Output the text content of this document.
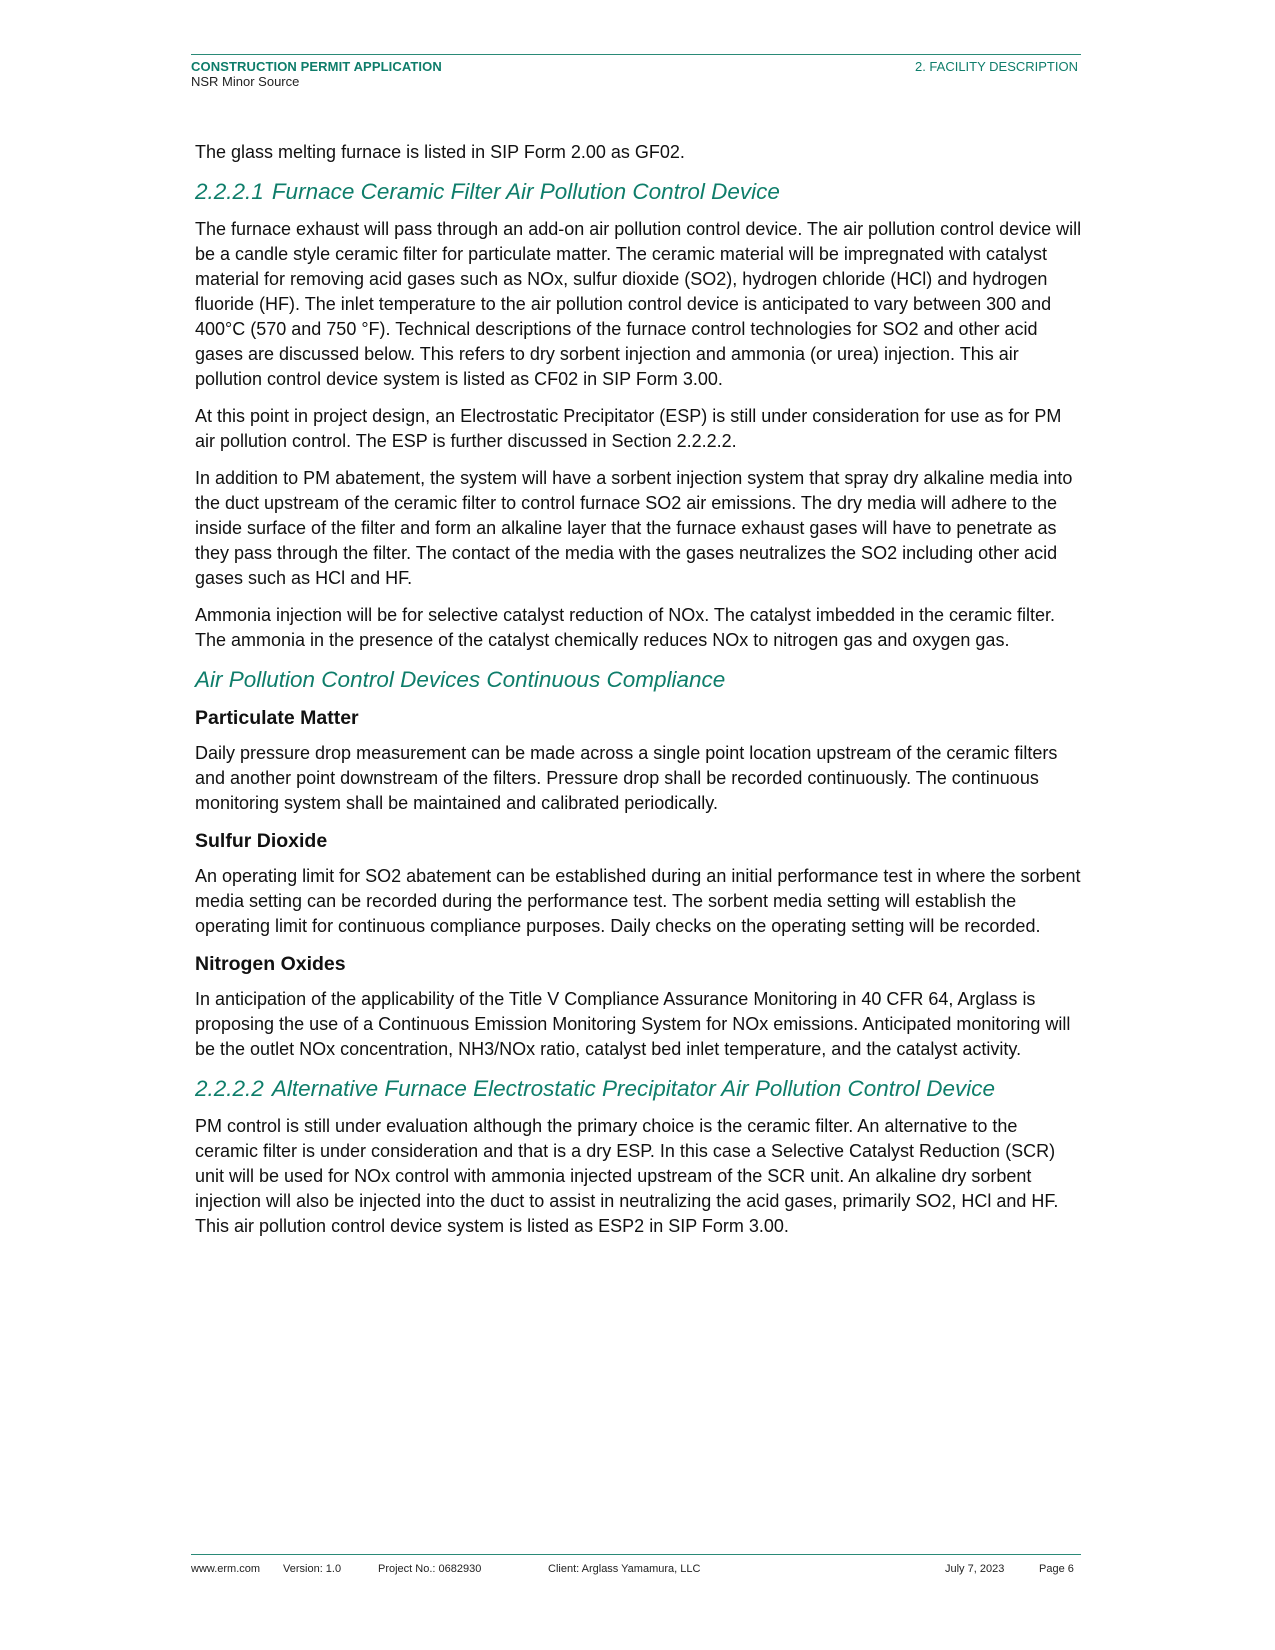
CONSTRUCTION PERMIT APPLICATION
NSR Minor Source
2. FACILITY DESCRIPTION

The glass melting furnace is listed in SIP Form 2.00 as GF02.

2.2.2.1 Furnace Ceramic Filter Air Pollution Control Device

The furnace exhaust will pass through an add-on air pollution control device. The air pollution control device will be a candle style ceramic filter for particulate matter. The ceramic material will be impregnated with catalyst material for removing acid gases such as NOx, sulfur dioxide (SO2), hydrogen chloride (HCl) and hydrogen fluoride (HF). The inlet temperature to the air pollution control device is anticipated to vary between 300 and 400°C (570 and 750 °F). Technical descriptions of the furnace control technologies for SO2 and other acid gases are discussed below. This refers to dry sorbent injection and ammonia (or urea) injection. This air pollution control device system is listed as CF02 in SIP Form 3.00.

At this point in project design, an Electrostatic Precipitator (ESP) is still under consideration for use as for PM air pollution control. The ESP is further discussed in Section 2.2.2.2.

In addition to PM abatement, the system will have a sorbent injection system that spray dry alkaline media into the duct upstream of the ceramic filter to control furnace SO2 air emissions. The dry media will adhere to the inside surface of the filter and form an alkaline layer that the furnace exhaust gases will have to penetrate as they pass through the filter. The contact of the media with the gases neutralizes the SO2 including other acid gases such as HCl and HF.

Ammonia injection will be for selective catalyst reduction of NOx. The catalyst imbedded in the ceramic filter. The ammonia in the presence of the catalyst chemically reduces NOx to nitrogen gas and oxygen gas.

Air Pollution Control Devices Continuous Compliance
Particulate Matter

Daily pressure drop measurement can be made across a single point location upstream of the ceramic filters and another point downstream of the filters. Pressure drop shall be recorded continuously. The continuous monitoring system shall be maintained and calibrated periodically.

Sulfur Dioxide

An operating limit for SO2 abatement can be established during an initial performance test in where the sorbent media setting can be recorded during the performance test. The sorbent media setting will establish the operating limit for continuous compliance purposes. Daily checks on the operating setting will be recorded.

Nitrogen Oxides

In anticipation of the applicability of the Title V Compliance Assurance Monitoring in 40 CFR 64, Arglass is proposing the use of a Continuous Emission Monitoring System for NOx emissions. Anticipated monitoring will be the outlet NOx concentration, NH3/NOx ratio, catalyst bed inlet temperature, and the catalyst activity.

2.2.2.2 Alternative Furnace Electrostatic Precipitator Air Pollution Control Device

PM control is still under evaluation although the primary choice is the ceramic filter. An alternative to the ceramic filter is under consideration and that is a dry ESP. In this case a Selective Catalyst Reduction (SCR) unit will be used for NOx control with ammonia injected upstream of the SCR unit. An alkaline dry sorbent injection will also be injected into the duct to assist in neutralizing the acid gases, primarily SO2, HCl and HF. This air pollution control device system is listed as ESP2 in SIP Form 3.00.

www.erm.com Version: 1.0	Project No.: 0682930	Client: Arglass Yamamura, LLC	July 7, 2023	Page 6
